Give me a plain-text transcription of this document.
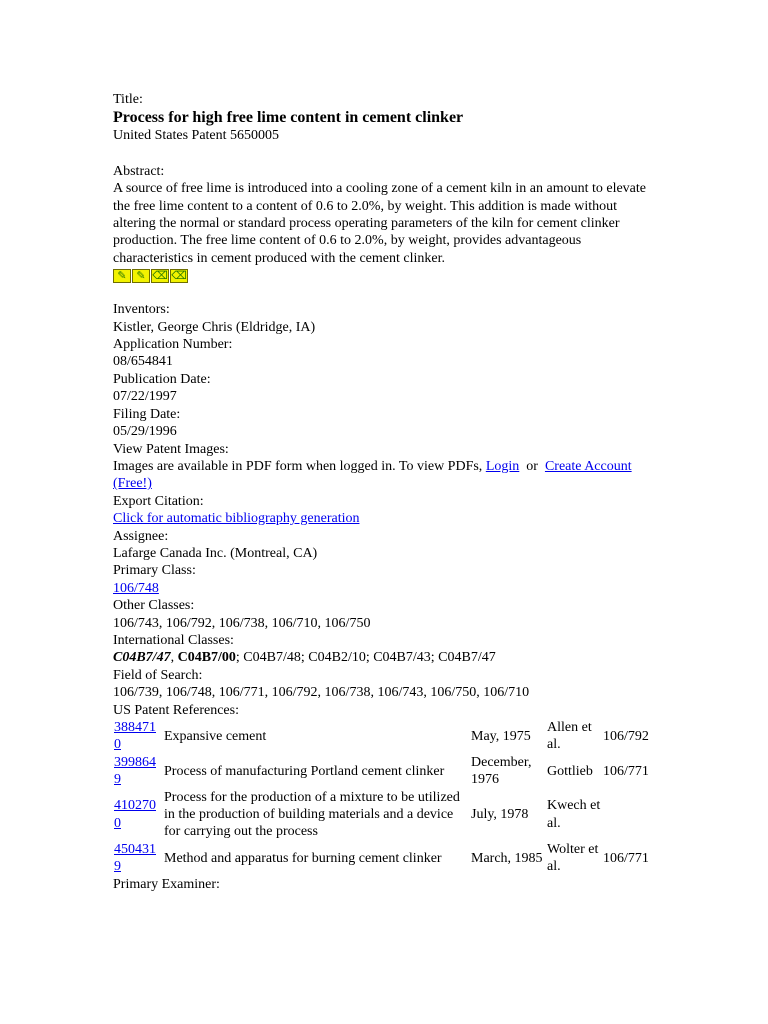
Title:
Process for high free lime content in cement clinker
United States Patent 5650005
Abstract:
A source of free lime is introduced into a cooling zone of a cement kiln in an amount to elevate the free lime content to a content of 0.6 to 2.0%, by weight. This addition is made without altering the normal or standard process operating parameters of the kiln for cement clinker production. The free lime content of 0.6 to 2.0%, by weight, provides advantageous characteristics in cement produced with the cement clinker.
✎ ✎ ⌫ ⌫
Inventors:
Kistler, George Chris (Eldridge, IA)
Application Number:
08/654841
Publication Date:
07/22/1997
Filing Date:
05/29/1996
View Patent Images:
Images are available in PDF form when logged in. To view PDFs, Login or Create Account (Free!)
Export Citation:
Click for automatic bibliography generation
Assignee:
Lafarge Canada Inc. (Montreal, CA)
Primary Class:
106/748
Other Classes:
106/743, 106/792, 106/738, 106/710, 106/750
International Classes:
C04B7/47, C04B7/00; C04B7/48; C04B2/10; C04B7/43; C04B7/47
Field of Search:
106/739, 106/748, 106/771, 106/792, 106/738, 106/743, 106/750, 106/710
US Patent References:
3884710	Expansive cement	May, 1975	Allen et al.	106/792
3998649	Process of manufacturing Portland cement clinker	December, 1976	Gottlieb	106/771
4102700	Process for the production of a mixture to be utilized in the production of building materials and a device for carrying out the process	July, 1978	Kwech et al.	
4504319	Method and apparatus for burning cement clinker	March, 1985	Wolter et al.	106/771
Primary Examiner:
